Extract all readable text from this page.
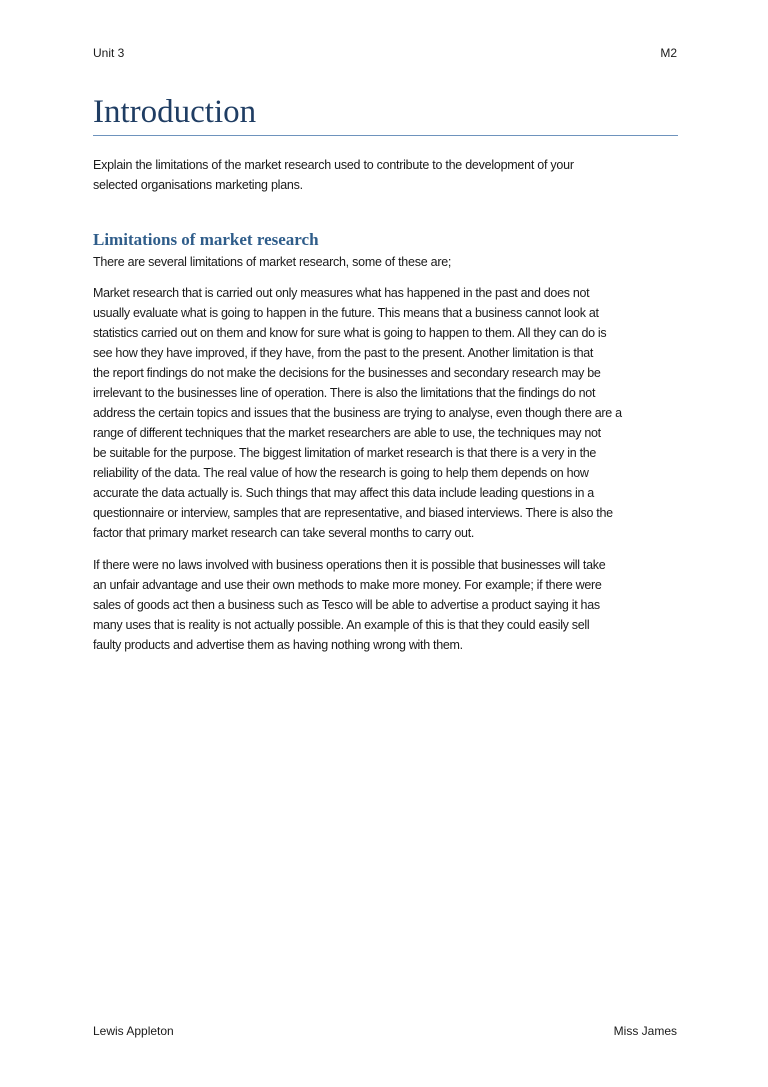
Unit 3	M2
Introduction

Explain the limitations of the market research used to contribute to the development of your
selected organisations marketing plans.

Limitations of market research

There are several limitations of market research, some of these are;

Market research that is carried out only measures what has happened in the past and does not
usually evaluate what is going to happen in the future. This means that a business cannot look at
statistics carried out on them and know for sure what is going to happen to them. All they can do is
see how they have improved, if they have, from the past to the present. Another limitation is that
the report findings do not make the decisions for the businesses and secondary research may be
irrelevant to the businesses line of operation. There is also the limitations that the findings do not
address the certain topics and issues that the business are trying to analyse, even though there are a
range of different techniques that the market researchers are able to use, the techniques may not
be suitable for the purpose. The biggest limitation of market research is that there is a very in the
reliability of the data. The real value of how the research is going to help them depends on how
accurate the data actually is. Such things that may affect this data include leading questions in a
questionnaire or interview, samples that are representative, and biased interviews. There is also the
factor that primary market research can take several months to carry out.

If there were no laws involved with business operations then it is possible that businesses will take
an unfair advantage and use their own methods to make more money. For example; if there were
sales of goods act then a business such as Tesco will be able to advertise a product saying it has
many uses that is reality is not actually possible. An example of this is that they could easily sell
faulty products and advertise them as having nothing wrong with them.

Lewis Appleton	Miss James
